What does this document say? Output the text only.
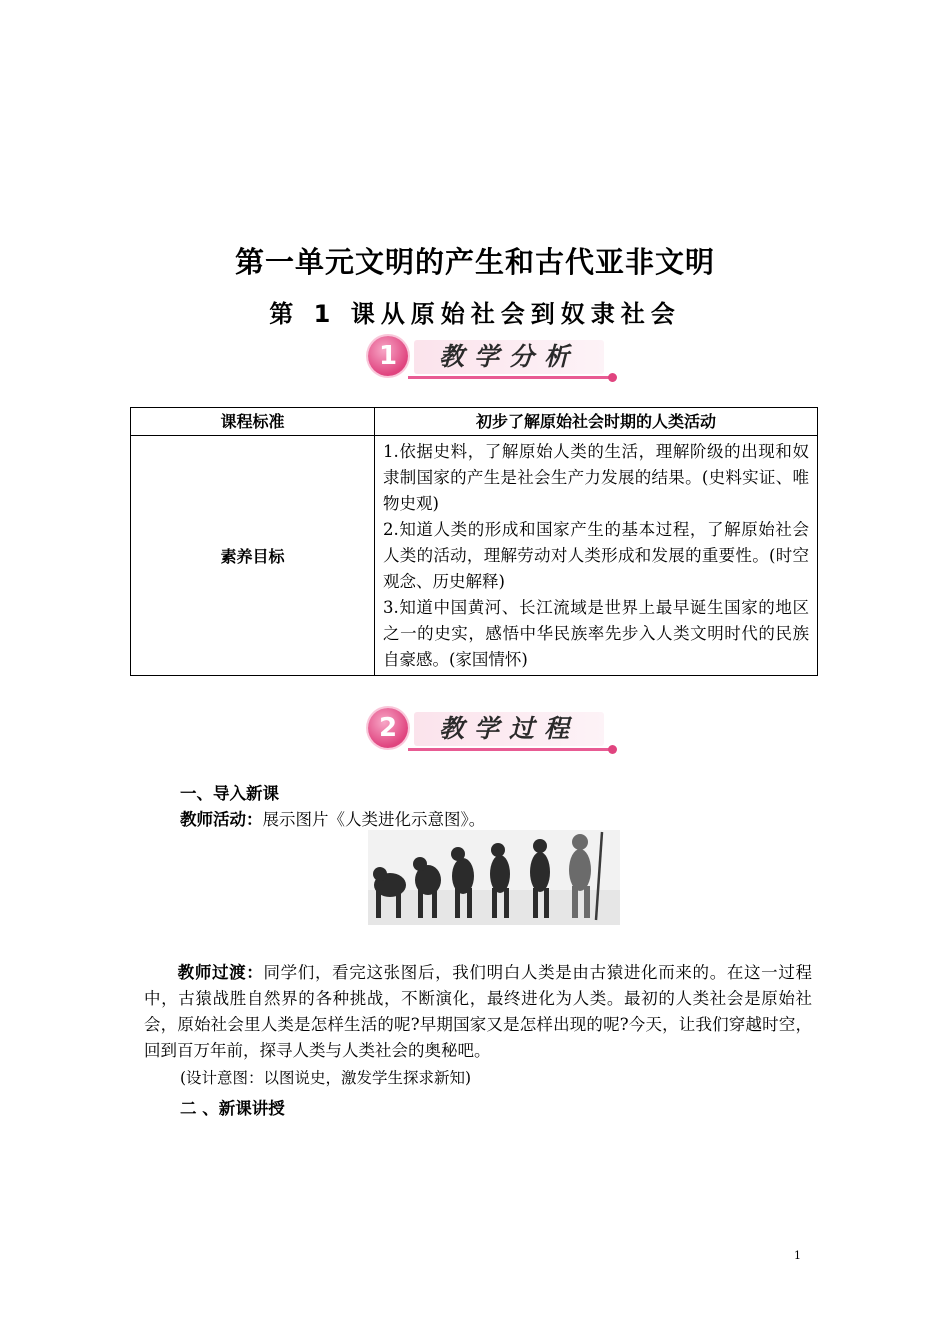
第一单元文明的产生和古代亚非文明
第 1 课从原始社会到奴隶社会
1	教学分析
课程标准	初步了解原始社会时期的人类活动
素养目标	1.依据史料，了解原始人类的生活，理解阶级的出现和奴隶制国家的产生是社会生产力发展的结果。(史料实证、唯物史观)
2.知道人类的形成和国家产生的基本过程，了解原始社会人类的活动，理解劳动对人类形成和发展的重要性。(时空观念、历史解释)
3.知道中国黄河、长江流域是世界上最早诞生国家的地区之一的史实，感悟中华民族率先步入人类文明时代的民族自豪感。(家国情怀)
2	教学过程
一、导入新课
教师活动：展示图片《人类进化示意图》。
教师过渡：同学们，看完这张图后，我们明白人类是由古猿进化而来的。在这一过程中，古猿战胜自然界的各种挑战，不断演化，最终进化为人类。最初的人类社会是原始社会，原始社会里人类是怎样生活的呢?早期国家又是怎样出现的呢?今天，让我们穿越时空，回到百万年前，探寻人类与人类社会的奥秘吧。
(设计意图：以图说史，激发学生探求新知)
二 、新课讲授
1
